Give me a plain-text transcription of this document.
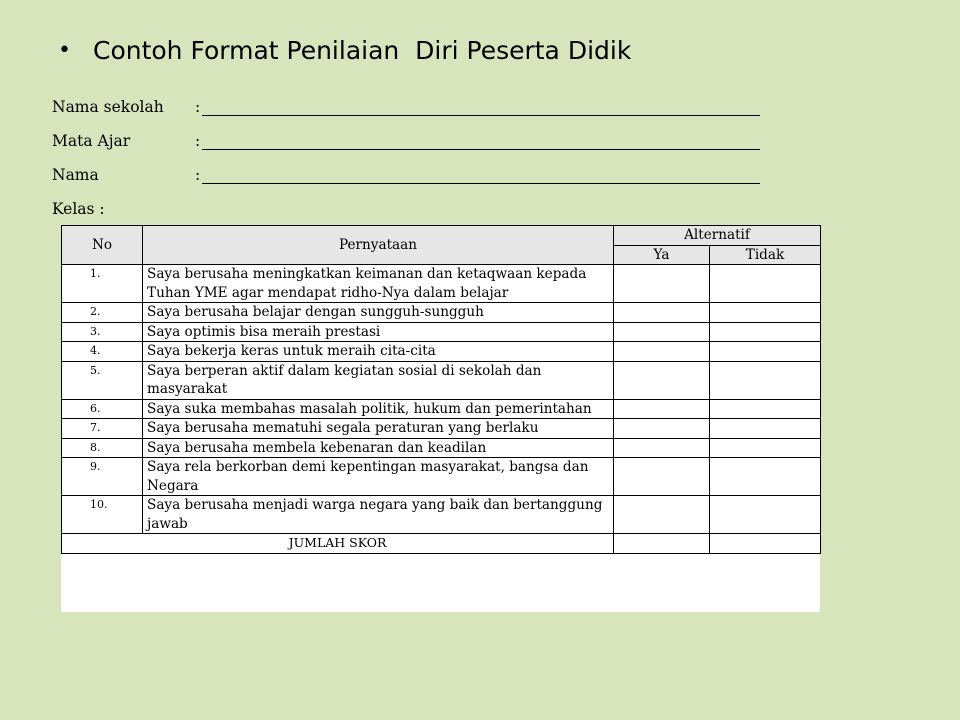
• Contoh Format Penilaian  Diri Peserta Didik
Nama sekolah :
Mata Ajar	:
Nama	:
Kelas :
No	Pernyataan	Alternatif	
		Ya	Tidak
1.	Saya berusaha meningkatkan keimanan dan ketaqwaan kepada Tuhan YME agar mendapat ridho-Nya dalam belajar		
2.	Saya berusaha belajar dengan sungguh-sungguh		
3.	Saya optimis bisa meraih prestasi		
4.	Saya bekerja keras untuk meraih cita-cita		
5.	Saya berperan aktif dalam kegiatan sosial di sekolah dan masyarakat		
6.	Saya suka membahas masalah politik, hukum dan pemerintahan		
7.	Saya berusaha mematuhi segala peraturan yang berlaku		
8.	Saya berusaha membela kebenaran dan keadilan		
9.	Saya rela berkorban demi kepentingan masyarakat, bangsa dan Negara		
10.	Saya berusaha menjadi warga negara yang baik dan bertanggung jawab		
JUMLAH SKOR			
